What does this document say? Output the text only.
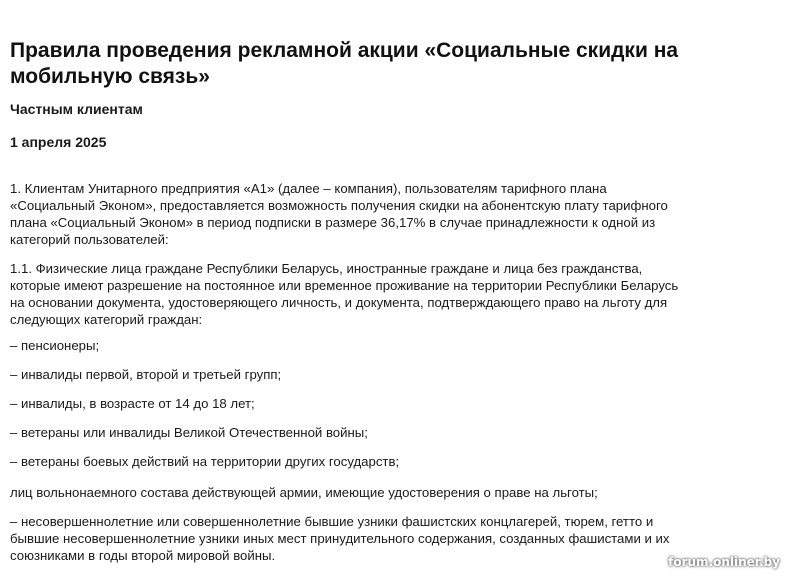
Правила проведения рекламной акции «Социальные скидки на мобильную связь»
Частным клиентам
1 апреля 2025

1. Клиентам Унитарного предприятия «А1» (далее – компания), пользователям тарифного плана «Социальный Эконом», предоставляется возможность получения скидки на абонентскую плату тарифного плана «Социальный Эконом» в период подписки в размере 36,17% в случае принадлежности к одной из категорий пользователей:

1.1. Физические лица граждане Республики Беларусь, иностранные граждане и лица без гражданства, которые имеют разрешение на постоянное или временное проживание на территории Республики Беларусь на основании документа, удостоверяющего личность, и документа, подтверждающего право на льготу для следующих категорий граждан:

– пенсионеры;

– инвалиды первой, второй и третьей групп;

– инвалиды, в возрасте от 14 до 18 лет;

– ветераны или инвалиды Великой Отечественной войны;

– ветераны боевых действий на территории других государств;

лиц вольнонаемного состава действующей армии, имеющие удостоверения о праве на льготы;

– несовершеннолетние или совершеннолетние бывшие узники фашистских концлагерей, тюрем, гетто и бывшие несовершеннолетние узники иных мест принудительного содержания, созданных фашистами и их союзниками в годы второй мировой войны.	forum.onliner.by
